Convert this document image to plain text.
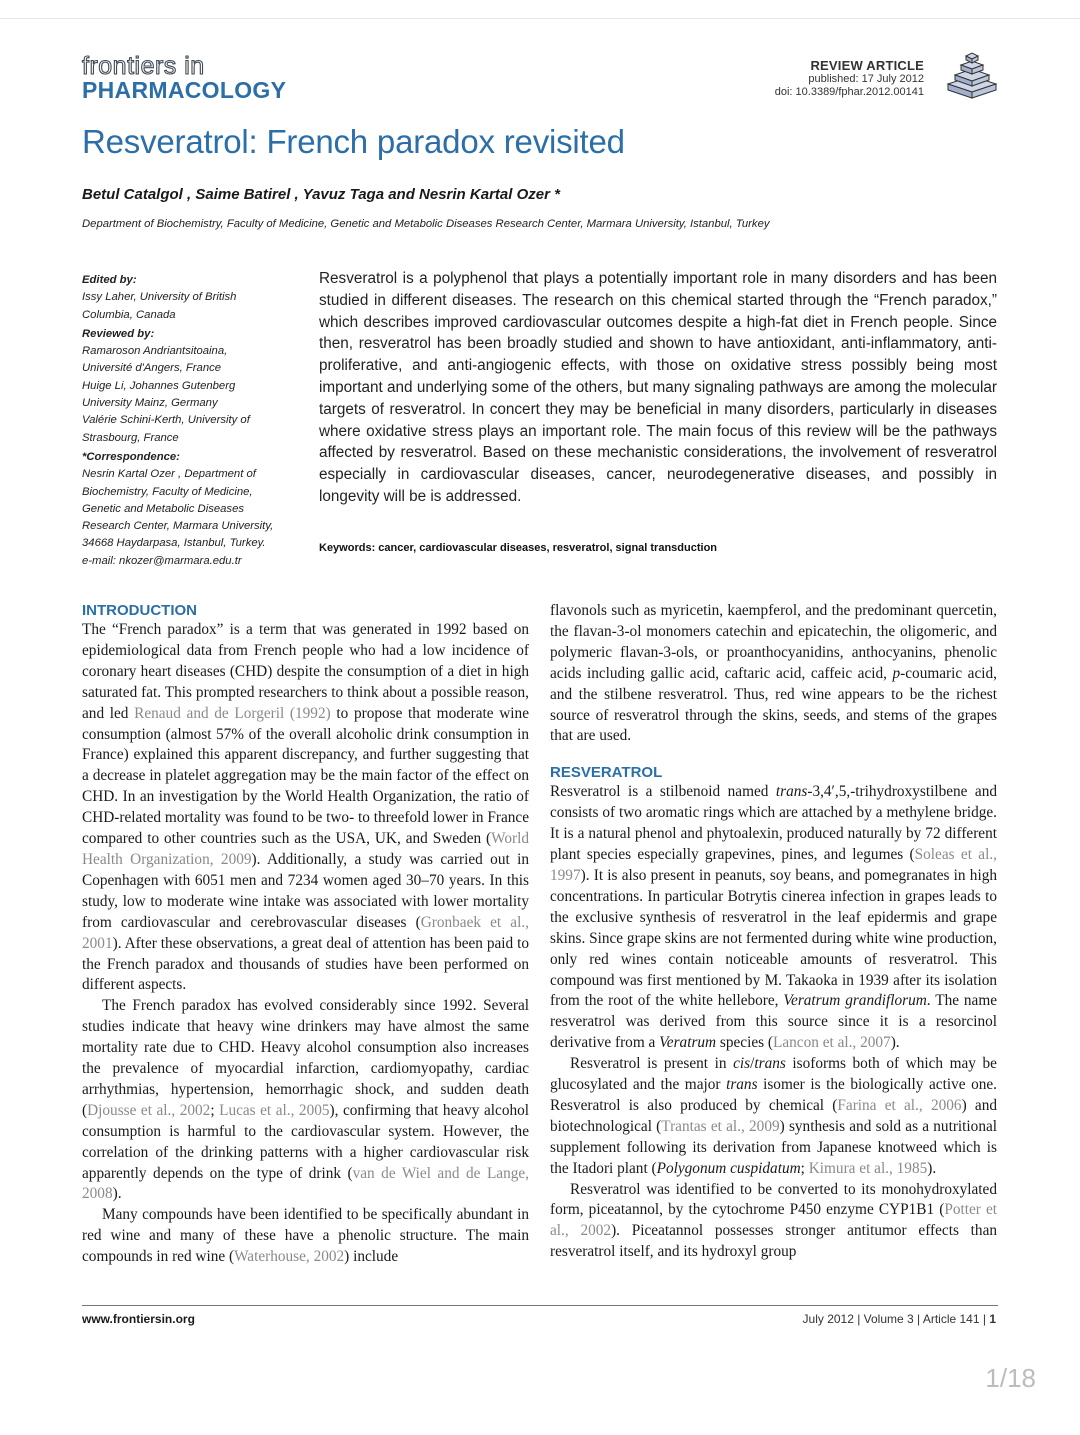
frontiers in
PHARMACOLOGY
REVIEW ARTICLE
published: 17 July 2012
doi: 10.3389/fphar.2012.00141
Resveratrol: French paradox revisited

Betul Catalgol , Saime Batirel , Yavuz Taga and Nesrin Kartal Ozer *

Department of Biochemistry, Faculty of Medicine, Genetic and Metabolic Diseases Research Center, Marmara University, Istanbul, Turkey

Edited by:

Issy Laher, University of British

Columbia, Canada

Reviewed by:

Ramaroson Andriantsitoaina,

Université d'Angers, France

Huige Li, Johannes Gutenberg

University Mainz, Germany

Valérie Schini-Kerth, University of

Strasbourg, France

*Correspondence:

Nesrin Kartal Ozer , Department of

Biochemistry, Faculty of Medicine,

Genetic and Metabolic Diseases

Research Center, Marmara University,

34668 Haydarpasa, Istanbul, Turkey.

e-mail: nkozer@marmara.edu.tr

Resveratrol is a polyphenol that plays a potentially important role in many disorders and has been studied in different diseases. The research on this chemical started through the “French paradox,” which describes improved cardiovascular outcomes despite a high-fat diet in French people. Since then, resveratrol has been broadly studied and shown to have antioxidant, anti-inflammatory, anti-proliferative, and anti-angiogenic effects, with those on oxidative stress possibly being most important and underlying some of the others, but many signaling pathways are among the molecular targets of resveratrol. In concert they may be beneficial in many disorders, particularly in diseases where oxidative stress plays an important role. The main focus of this review will be the pathways affected by resveratrol. Based on these mechanistic considerations, the involvement of resveratrol especially in cardiovascular diseases, cancer, neurodegenerative diseases, and possibly in longevity will be is addressed.

Keywords: cancer, cardiovascular diseases, resveratrol, signal transduction

INTRODUCTION

The “French paradox” is a term that was generated in 1992 based on epidemiological data from French people who had a low incidence of coronary heart diseases (CHD) despite the consumption of a diet in high saturated fat. This prompted researchers to think about a possible reason, and led Renaud and de Lorgeril (1992) to propose that moderate wine consumption (almost 57% of the overall alcoholic drink consumption in France) explained this apparent discrepancy, and further suggesting that a decrease in platelet aggregation may be the main factor of the effect on CHD. In an investigation by the World Health Organization, the ratio of CHD-related mortality was found to be two- to threefold lower in France compared to other countries such as the USA, UK, and Sweden (World Health Organization, 2009). Additionally, a study was carried out in Copenhagen with 6051 men and 7234 women aged 30–70 years. In this study, low to moderate wine intake was associated with lower mortality from cardiovascular and cerebrovascular diseases (Gronbaek et al., 2001). After these observations, a great deal of attention has been paid to the French paradox and thousands of studies have been performed on different aspects.

The French paradox has evolved considerably since 1992. Several studies indicate that heavy wine drinkers may have almost the same mortality rate due to CHD. Heavy alcohol consumption also increases the prevalence of myocardial infarction, cardiomyopathy, cardiac arrhythmias, hypertension, hemorrhagic shock, and sudden death (Djousse et al., 2002; Lucas et al., 2005), confirming that heavy alcohol consumption is harmful to the cardiovascular system. However, the correlation of the drinking patterns with a higher cardiovascular risk apparently depends on the type of drink (van de Wiel and de Lange, 2008).

Many compounds have been identified to be specifically abundant in red wine and many of these have a phenolic structure. The main compounds in red wine (Waterhouse, 2002) include

flavonols such as myricetin, kaempferol, and the predominant quercetin, the flavan-3-ol monomers catechin and epicatechin, the oligomeric, and polymeric flavan-3-ols, or proanthocyanidins, anthocyanins, phenolic acids including gallic acid, caftaric acid, caffeic acid, p-coumaric acid, and the stilbene resveratrol. Thus, red wine appears to be the richest source of resveratrol through the skins, seeds, and stems of the grapes that are used.

RESVERATROL

Resveratrol is a stilbenoid named trans-3,4′,5,-trihydroxystilbene and consists of two aromatic rings which are attached by a methylene bridge. It is a natural phenol and phytoalexin, produced naturally by 72 different plant species especially grapevines, pines, and legumes (Soleas et al., 1997). It is also present in peanuts, soy beans, and pomegranates in high concentrations. In particular Botrytis cinerea infection in grapes leads to the exclusive synthesis of resveratrol in the leaf epidermis and grape skins. Since grape skins are not fermented during white wine production, only red wines contain noticeable amounts of resveratrol. This compound was first mentioned by M. Takaoka in 1939 after its isolation from the root of the white hellebore, Veratrum grandiflorum. The name resveratrol was derived from this source since it is a resorcinol derivative from a Veratrum species (Lancon et al., 2007).

Resveratrol is present in cis/trans isoforms both of which may be glucosylated and the major trans isomer is the biologically active one. Resveratrol is also produced by chemical (Farina et al., 2006) and biotechnological (Trantas et al., 2009) synthesis and sold as a nutritional supplement following its derivation from Japanese knotweed which is the Itadori plant (Polygonum cuspidatum; Kimura et al., 1985).

Resveratrol was identified to be converted to its monohydroxylated form, piceatannol, by the cytochrome P450 enzyme CYP1B1 (Potter et al., 2002). Piceatannol possesses stronger antitumor effects than resveratrol itself, and its hydroxyl group

www.frontiersin.org	July 2012 | Volume 3 | Article 141 | 1
1/18
